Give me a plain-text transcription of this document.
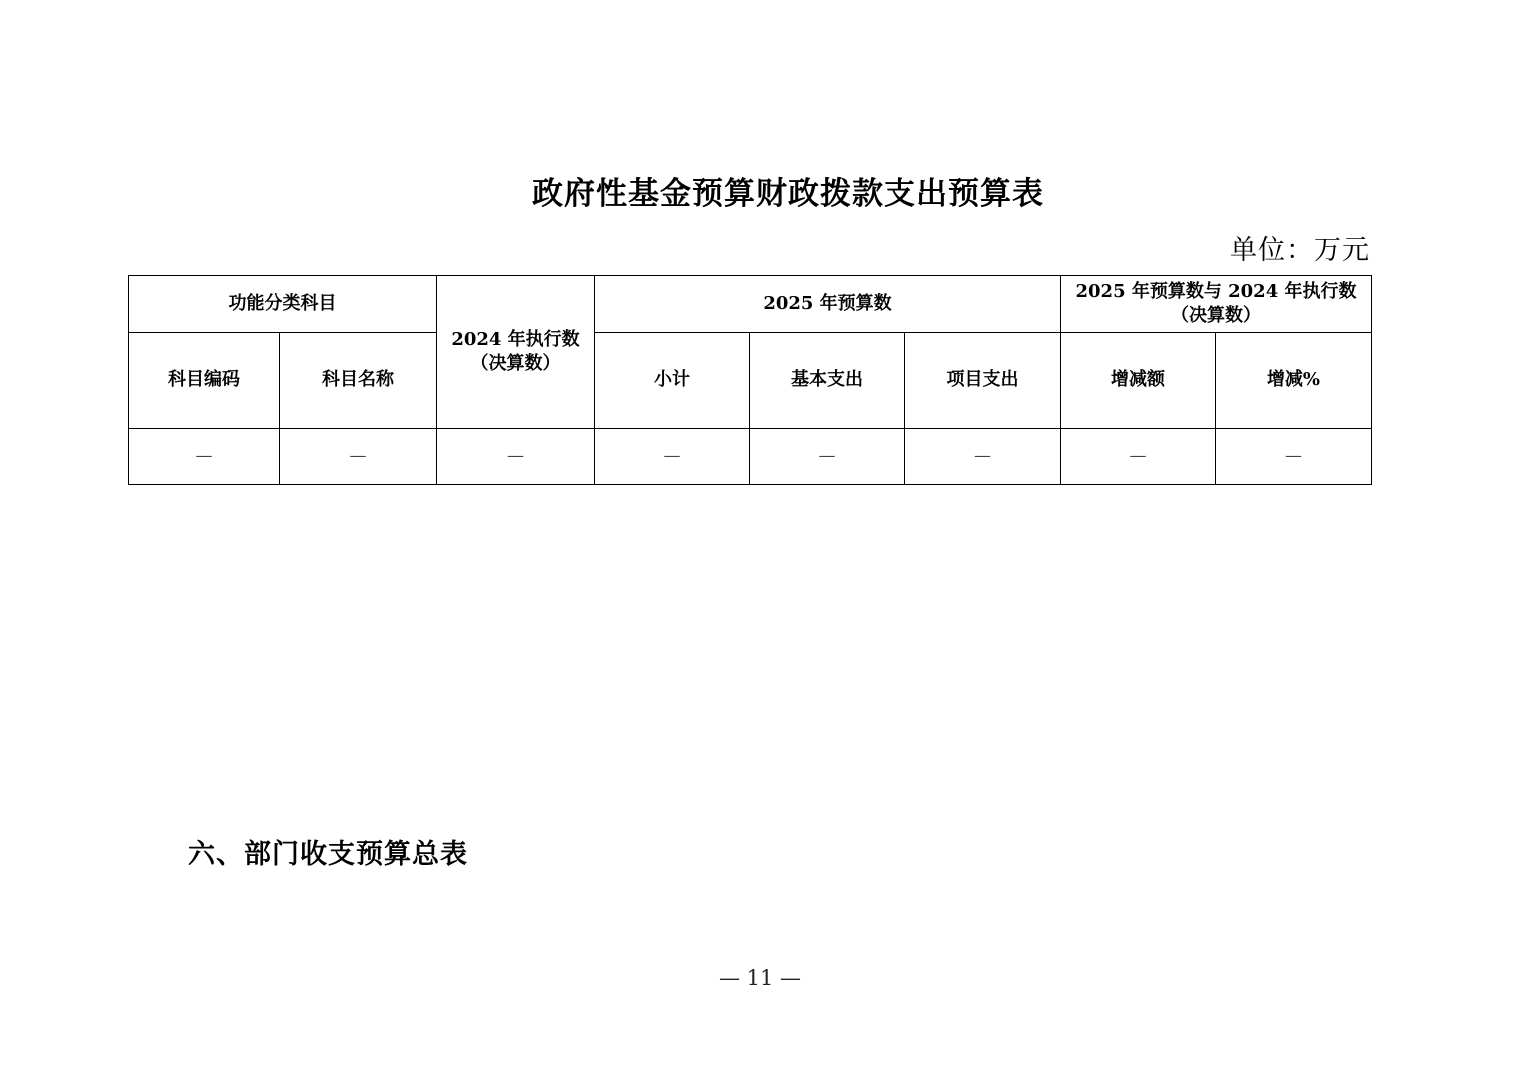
政府性基金预算财政拨款支出预算表
单位：万元
功能分类科目		2024 年执行数（决算数）	2025 年预算数			2025 年预算数与 2024 年执行数（决算数）	
科目编码	科目名称		小计	基本支出	项目支出	增减额	增减%
—	—	—	—	—	—	—	—
六、部门收支预算总表
— 11 —
